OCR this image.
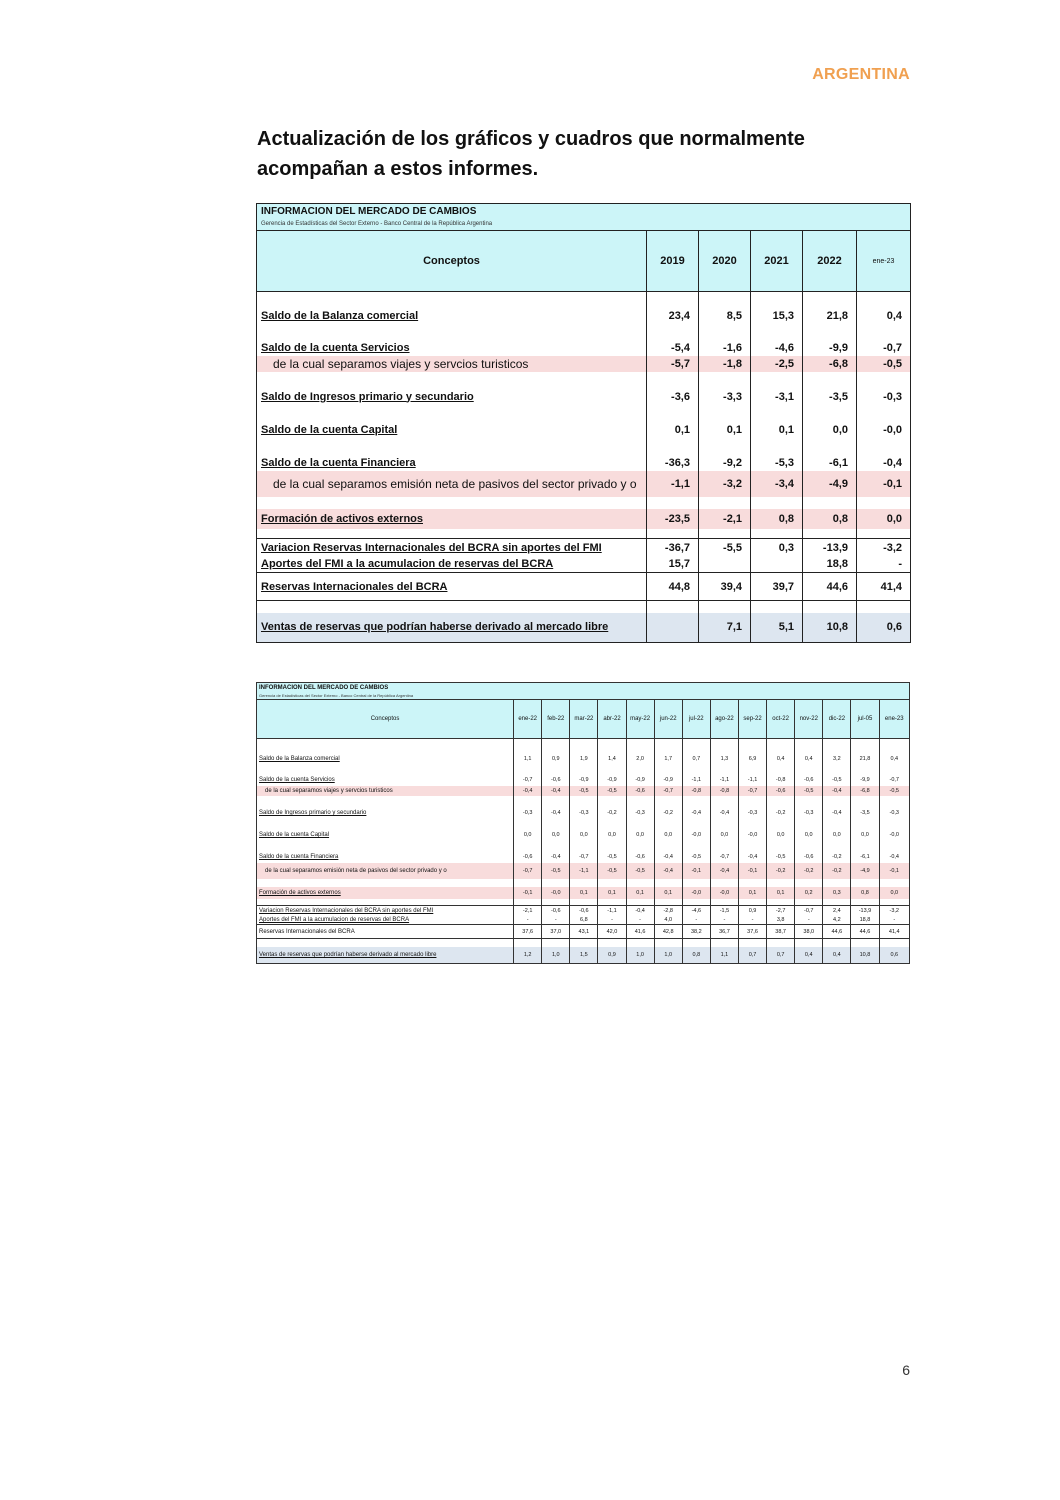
ARGENTINA
Actualización de los gráficos y cuadros que normalmente acompañan a estos informes.
INFORMACION DEL MERCADO DE CAMBIOS					
Gerencia de Estadísticas del Sector Externo - Banco Central de la República Argentina					
Conceptos	2019	2020	2021	2022	ene-23

Saldo de la Balanza comercial	23,4	8,5	15,3	21,8	0,4

Saldo de la cuenta Servicios	-5,4	-1,6	-4,6	-9,9	-0,7
de la cual separamos viajes y servcios turisticos	-5,7	-1,8	-2,5	-6,8	-0,5

Saldo de Ingresos primario y secundario	-3,6	-3,3	-3,1	-3,5	-0,3

Saldo de la cuenta Capital	0,1	0,1	0,1	0,0	-0,0

Saldo de la cuenta Financiera	-36,3	-9,2	-5,3	-6,1	-0,4
de la cual separamos emisión neta de pasivos del sector privado y o	-1,1	-3,2	-3,4	-4,9	-0,1

Formación de activos externos	-23,5	-2,1	0,8	0,8	0,0

Variacion Reservas Internacionales del BCRA sin aportes del FMI	-36,7	-5,5	0,3	-13,9	-3,2
Aportes del FMI a la acumulacion de reservas del BCRA	15,7			18,8	-
Reservas Internacionales del BCRA	44,8	39,4	39,7	44,6	41,4

Ventas de reservas que podrían haberse derivado al mercado libre		7,1	5,1	10,8	0,6
INFORMACION DEL MERCADO DE CAMBIOS														
Gerencia de Estadísticas del Sector Externo - Banco Central de la República Argentina														
Conceptos	ene-22	feb-22	mar-22	abr-22	may-22	jun-22	jul-22	ago-22	sep-22	oct-22	nov-22	dic-22	jul-05	ene-23

Saldo de la Balanza comercial	1,1	0,9	1,9	1,4	2,0	1,7	0,7	1,3	6,9	0,4	0,4	3,2	21,8	0,4

Saldo de la cuenta Servicios	-0,7	-0,6	-0,9	-0,9	-0,9	-0,9	-1,1	-1,1	-1,1	-0,8	-0,6	-0,5	-9,9	-0,7
de la cual separamos viajes y servcios turisticos	-0,4	-0,4	-0,5	-0,5	-0,6	-0,7	-0,8	-0,8	-0,7	-0,6	-0,5	-0,4	-6,8	-0,5

Saldo de Ingresos primario y secundario	-0,3	-0,4	-0,3	-0,2	-0,3	-0,2	-0,4	-0,4	-0,3	-0,2	-0,3	-0,4	-3,5	-0,3

Saldo de la cuenta Capital	0,0	0,0	0,0	0,0	0,0	0,0	-0,0	0,0	-0,0	0,0	0,0	0,0	0,0	-0,0

Saldo de la cuenta Financiera	-0,6	-0,4	-0,7	-0,5	-0,6	-0,4	-0,5	-0,7	-0,4	-0,5	-0,6	-0,2	-6,1	-0,4
de la cual separamos emisión neta de pasivos del sector privado y o	-0,7	-0,5	-1,1	-0,5	-0,5	-0,4	-0,1	-0,4	-0,1	-0,2	-0,2	-0,2	-4,9	-0,1

Formación de activos externos	-0,1	-0,0	0,1	0,1	0,1	0,1	-0,0	-0,0	0,1	0,1	0,2	0,3	0,8	0,0

Variacion Reservas Internacionales del BCRA sin aportes del FMI	-2,1	-0,6	-0,6	-1,1	-0,4	-2,8	-4,6	-1,5	0,9	-2,7	-0,7	2,4	-13,9	-3,2
Aportes del FMI a la acumulacion de reservas del BCRA	-	-	6,8	-	-	4,0	-	-	-	3,8	-	4,2	18,8	-
Reservas Internacionales del BCRA	37,6	37,0	43,1	42,0	41,6	42,8	38,2	36,7	37,6	38,7	38,0	44,6	44,6	41,4

Ventas de reservas que podrían haberse derivado al mercado libre	1,2	1,0	1,5	0,9	1,0	1,0	0,8	1,1	0,7	0,7	0,4	0,4	10,8	0,6
6
